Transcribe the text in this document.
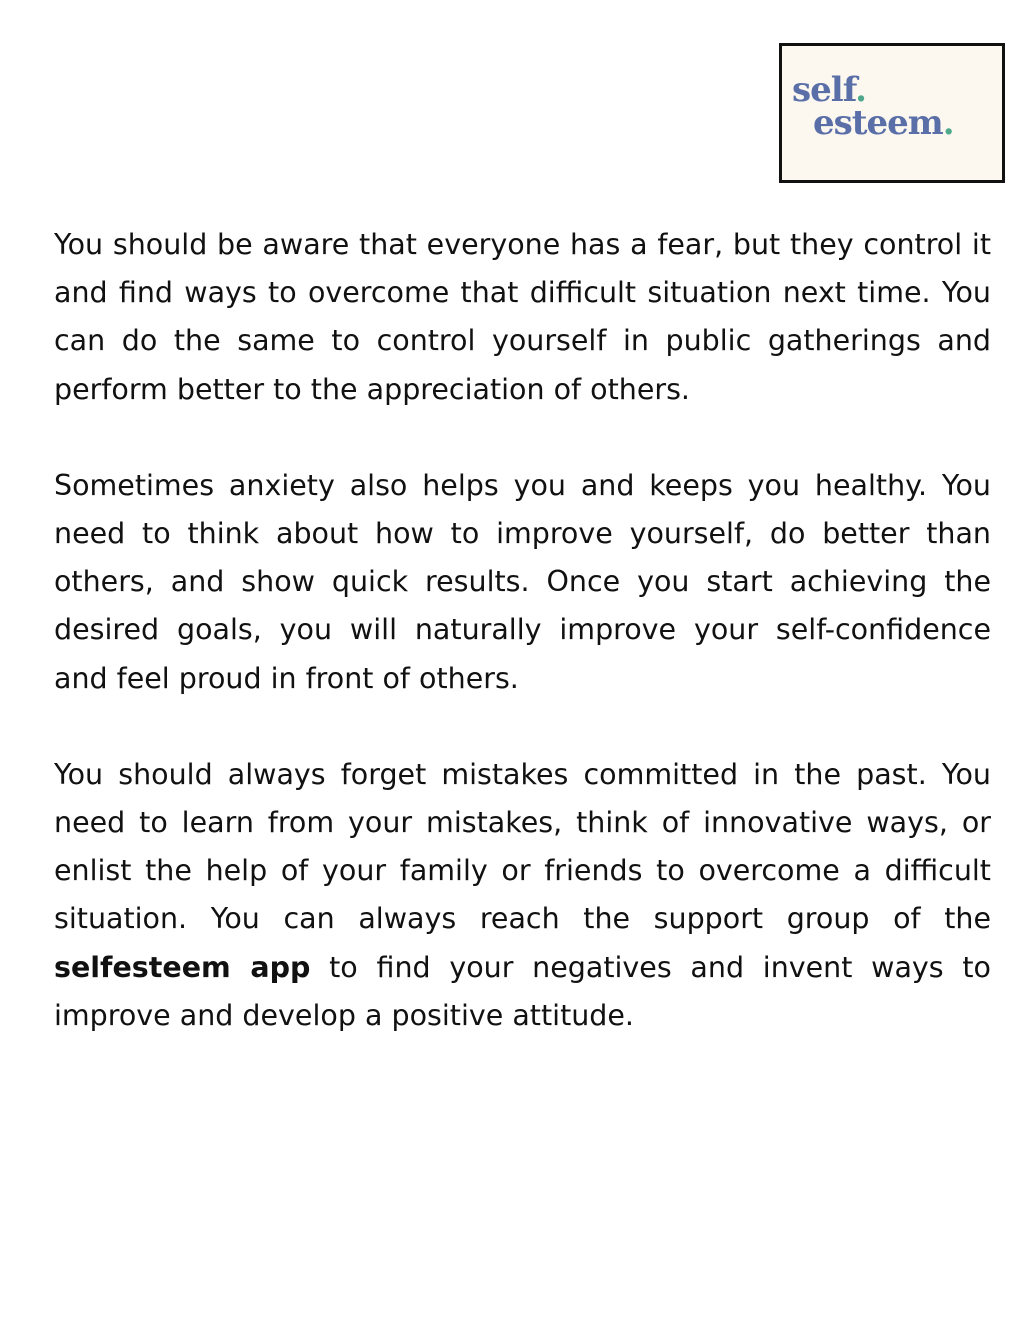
self.
esteem.

You should be aware that everyone has a fear, but they control it and find ways to overcome that difficult situation next time. You can do the same to control yourself in public gatherings and perform better to the appreciation of others.

Sometimes anxiety also helps you and keeps you healthy. You need to think about how to improve yourself, do better than others, and show quick results. Once you start achieving the desired goals, you will naturally improve your self-confidence and feel proud in front of others.

You should always forget mistakes committed in the past. You need to learn from your mistakes, think of innovative ways, or enlist the help of your family or friends to overcome a difficult situation. You can always reach the support group of the selfesteem app to find your negatives and invent ways to improve and develop a positive attitude.
